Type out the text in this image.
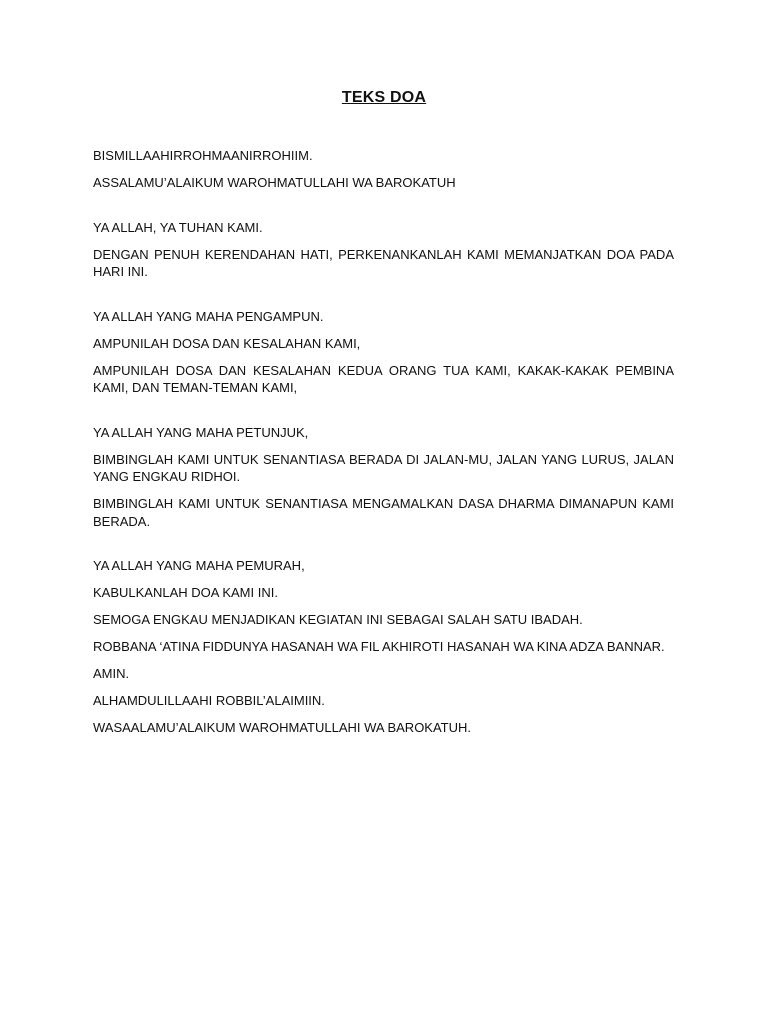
TEKS DOA

BISMILLAAHIRROHMAANIRROHIIM.

ASSALAMU’ALAIKUM WAROHMATULLAHI WA BAROKATUH

YA ALLAH, YA TUHAN KAMI.

DENGAN PENUH KERENDAHAN HATI, PERKENANKANLAH KAMI MEMANJATKAN DOA PADA HARI INI.

YA ALLAH YANG MAHA PENGAMPUN.

AMPUNILAH DOSA DAN KESALAHAN KAMI,

AMPUNILAH DOSA DAN KESALAHAN KEDUA ORANG TUA KAMI, KAKAK-KAKAK PEMBINA KAMI, DAN TEMAN-TEMAN KAMI,

YA ALLAH YANG MAHA PETUNJUK,

BIMBINGLAH KAMI UNTUK SENANTIASA BERADA DI JALAN-MU, JALAN YANG LURUS, JALAN YANG ENGKAU RIDHOI.

BIMBINGLAH KAMI UNTUK SENANTIASA MENGAMALKAN DASA DHARMA DIMANAPUN KAMI BERADA.

YA ALLAH YANG MAHA PEMURAH,

KABULKANLAH DOA KAMI INI.

SEMOGA ENGKAU MENJADIKAN KEGIATAN INI SEBAGAI SALAH SATU IBADAH.

ROBBANA ‘ATINA FIDDUNYA HASANAH WA FIL AKHIROTI HASANAH WA KINA ADZA BANNAR.

AMIN.

ALHAMDULILLAAHI ROBBIL’ALAIMIIN.

WASAALAMU’ALAIKUM WAROHMATULLAHI WA BAROKATUH.
